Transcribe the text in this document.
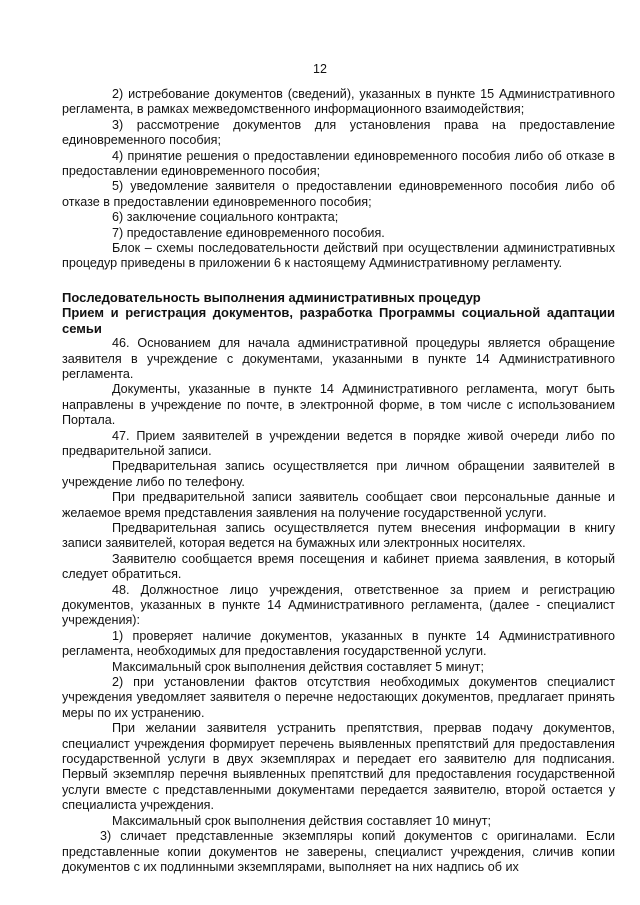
12

2) истребование документов (сведений), указанных в пункте 15 Административного регламента, в рамках межведомственного информационного взаимодействия;

3) рассмотрение документов для установления права на предоставление единовременного пособия;

4) принятие решения о предоставлении единовременного пособия либо об отказе в предоставлении единовременного пособия;

5) уведомление заявителя о предоставлении единовременного пособия либо об отказе в предоставлении единовременного пособия;

6) заключение социального контракта;

7) предоставление единовременного пособия.

Блок – схемы последовательности действий при осуществлении административных процедур приведены в приложении 6 к настоящему Административному регламенту.

Последовательность выполнения административных процедур

Прием и регистрация документов, разработка Программы социальной адаптации семьи

46. Основанием для начала административной процедуры является обращение заявителя в учреждение с документами, указанными в пункте 14 Административного регламента.

Документы, указанные в пункте 14 Административного регламента, могут быть направлены в учреждение по почте, в электронной форме, в том числе с использованием Портала.

47. Прием заявителей в учреждении ведется в порядке живой очереди либо по предварительной записи.

Предварительная запись осуществляется при личном обращении заявителей в учреждение либо по телефону.

При предварительной записи заявитель сообщает свои персональные данные и желаемое время представления заявления на получение государственной услуги.

Предварительная запись осуществляется путем внесения информации в книгу записи заявителей, которая ведется на бумажных или электронных носителях.

Заявителю сообщается время посещения и кабинет приема заявления, в который следует обратиться.

48. Должностное лицо учреждения, ответственное за прием и регистрацию документов, указанных в пункте 14 Административного регламента, (далее - специалист учреждения):

1) проверяет наличие документов, указанных в пункте 14 Административного регламента, необходимых для предоставления государственной услуги.

Максимальный срок выполнения действия составляет 5 минут;

2) при установлении фактов отсутствия необходимых документов специалист учреждения уведомляет заявителя о перечне недостающих документов, предлагает принять меры по их устранению.

При желании заявителя устранить препятствия, прервав подачу документов, специалист учреждения формирует перечень выявленных препятствий для предоставления государственной услуги в двух экземплярах и передает его заявителю для подписания. Первый экземпляр перечня выявленных препятствий для предоставления государственной услуги вместе с представленными документами передается заявителю, второй остается у специалиста учреждения.

Максимальный срок выполнения действия составляет 10 минут;

3) сличает представленные экземпляры копий документов с оригиналами. Если представленные копии документов не заверены, специалист учреждения, сличив копии документов с их подлинными экземплярами, выполняет на них надпись об их
